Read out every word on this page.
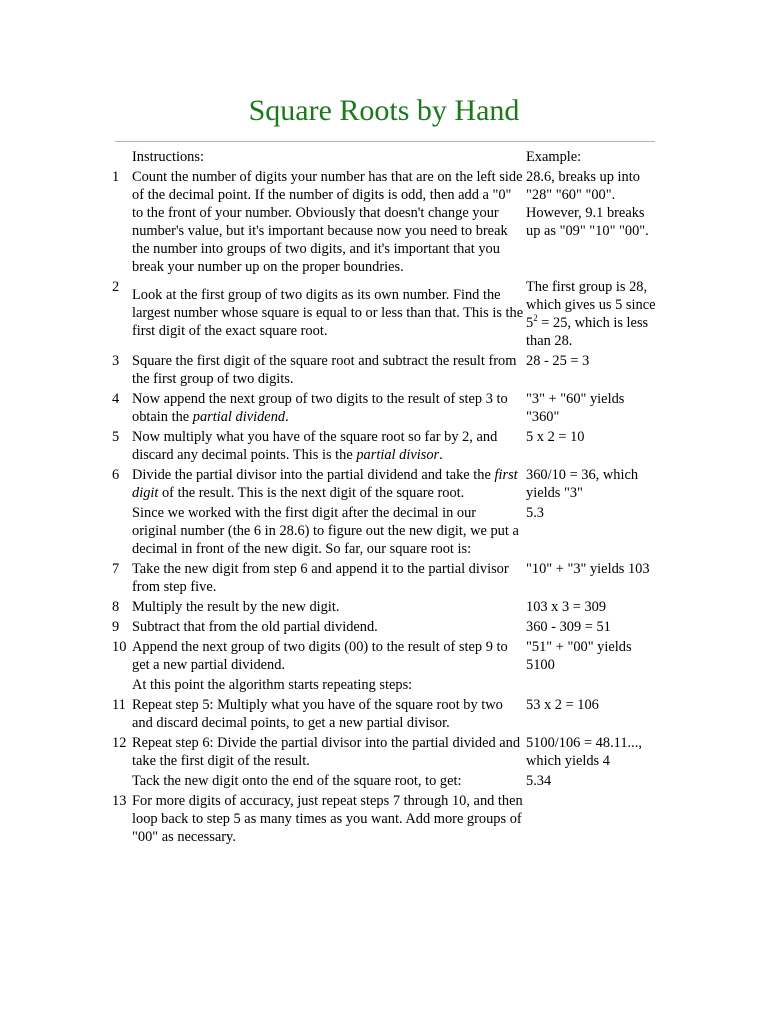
Square Roots by Hand
	Instructions:	Example:
1	Count the number of digits your number has that are on the left side of the decimal point. If the number of digits is odd, then add a "0" to the front of your number. Obviously that doesn't change your number's value, but it's important because now you need to break the number into groups of two digits, and it's important that you break your number up on the proper boundries.	28.6, breaks up into "28" "60" "00". However, 9.1 breaks up as "09" "10" "00".
2	Look at the first group of two digits as its own number. Find the largest number whose square is equal to or less than that. This is the first digit of the exact square root.	The first group is 28, which gives us 5 since $5^2 = 25$, which is less than 28.
3	Square the first digit of the square root and subtract the result from the first group of two digits.	28 - 25 = 3
4	Now append the next group of two digits to the result of step 3 to obtain the partial dividend.	"3" + "60" yields "360"
5	Now multiply what you have of the square root so far by 2, and discard any decimal points. This is the partial divisor.	5 x 2 = 10
6	Divide the partial divisor into the partial dividend and take the first digit of the result. This is the next digit of the square root.	360/10 = 36, which yields "3"
	Since we worked with the first digit after the decimal in our original number (the 6 in 28.6) to figure out the new digit, we put a decimal in front of the new digit. So far, our square root is:	5.3
7	Take the new digit from step 6 and append it to the partial divisor from step five.	"10" + "3" yields 103
8	Multiply the result by the new digit.	103 x 3 = 309
9	Subtract that from the old partial dividend.	360 - 309 = 51
10	Append the next group of two digits (00) to the result of step 9 to get a new partial dividend.	"51" + "00" yields 5100
	At this point the algorithm starts repeating steps:	
11	Repeat step 5: Multiply what you have of the square root by two and discard decimal points, to get a new partial divisor.	53 x 2 = 106
12	Repeat step 6: Divide the partial divisor into the partial divided and take the first digit of the result.	5100/106 = 48.11..., which yields 4
	Tack the new digit onto the end of the square root, to get:	5.34
13	For more digits of accuracy, just repeat steps 7 through 10, and then loop back to step 5 as many times as you want. Add more groups of "00" as necessary.	
